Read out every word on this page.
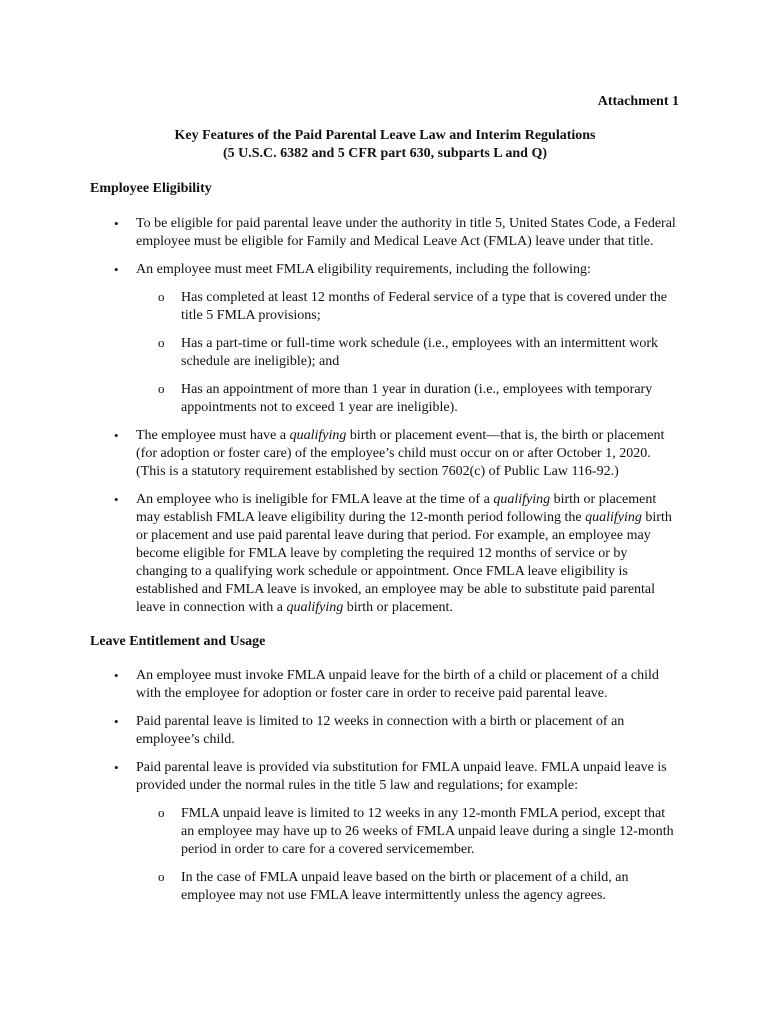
Attachment 1
Key Features of the Paid Parental Leave Law and Interim Regulations
(5 U.S.C. 6382 and 5 CFR part 630, subparts L and Q)
Employee Eligibility
• To be eligible for paid parental leave under the authority in title 5, United States Code, a Federal employee must be eligible for Family and Medical Leave Act (FMLA) leave under that title.
• An employee must meet FMLA eligibility requirements, including the following:
o Has completed at least 12 months of Federal service of a type that is covered under the title 5 FMLA provisions;
o Has a part-time or full-time work schedule (i.e., employees with an intermittent work schedule are ineligible); and
o Has an appointment of more than 1 year in duration (i.e., employees with temporary appointments not to exceed 1 year are ineligible).
• The employee must have a qualifying birth or placement event—that is, the birth or placement (for adoption or foster care) of the employee’s child must occur on or after October 1, 2020. (This is a statutory requirement established by section 7602(c) of Public Law 116-92.)
• An employee who is ineligible for FMLA leave at the time of a qualifying birth or placement may establish FMLA leave eligibility during the 12-month period following the qualifying birth or placement and use paid parental leave during that period. For example, an employee may become eligible for FMLA leave by completing the required 12 months of service or by changing to a qualifying work schedule or appointment. Once FMLA leave eligibility is established and FMLA leave is invoked, an employee may be able to substitute paid parental leave in connection with a qualifying birth or placement.
Leave Entitlement and Usage
• An employee must invoke FMLA unpaid leave for the birth of a child or placement of a child with the employee for adoption or foster care in order to receive paid parental leave.
• Paid parental leave is limited to 12 weeks in connection with a birth or placement of an employee’s child.
• Paid parental leave is provided via substitution for FMLA unpaid leave. FMLA unpaid leave is provided under the normal rules in the title 5 law and regulations; for example:
o FMLA unpaid leave is limited to 12 weeks in any 12-month FMLA period, except that an employee may have up to 26 weeks of FMLA unpaid leave during a single 12-month period in order to care for a covered servicemember.
o In the case of FMLA unpaid leave based on the birth or placement of a child, an employee may not use FMLA leave intermittently unless the agency agrees.
